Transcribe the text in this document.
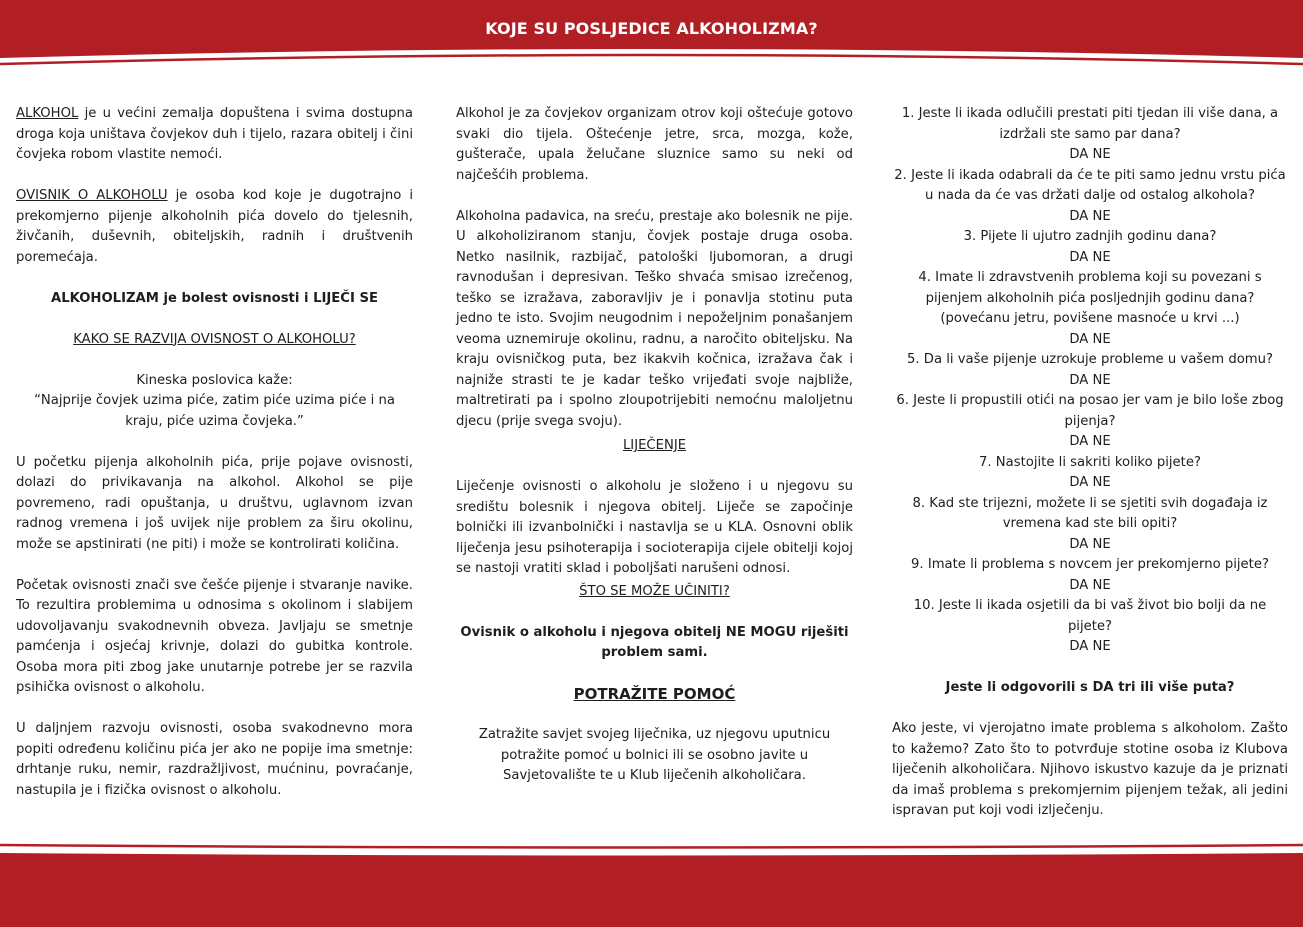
KOJE SU POSLJEDICE ALKOHOLIZMA?

ALKOHOL je u većini zemalja dopuštena i svima dostupna droga koja uništava čovjekov duh i tijelo, razara obitelj i čini čovjeka robom vlastite nemoći.

OVISNIK O ALKOHOLU je osoba kod koje je dugotrajno i prekomjerno pijenje alkoholnih pića dovelo do tjelesnih, živčanih, duševnih, obiteljskih, radnih i društvenih poremećaja.

ALKOHOLIZAM je bolest ovisnosti i LIJEČI SE

KAKO SE RAZVIJA OVISNOST O ALKOHOLU?

Kineska poslovica kaže:

“Najprije čovjek uzima piće, zatim piće uzima piće i na kraju, piće uzima čovjeka.”

U početku pijenja alkoholnih pića, prije pojave ovisnosti, dolazi do privikavanja na alkohol. Alkohol se pije povremeno, radi opuštanja, u društvu, uglavnom izvan radnog vremena i još uvijek nije problem za širu okolinu, može se apstinirati (ne piti) i može se kontrolirati količina.

Početak ovisnosti znači sve češće pijenje i stvaranje navike. To rezultira problemima u odnosima s okolinom i slabijem udovoljavanju svakodnevnih obveza. Javljaju se smetnje pamćenja i osjećaj krivnje, dolazi do gubitka kontrole. Osoba mora piti zbog jake unutarnje potrebe jer se razvila psihička ovisnost o alkoholu.

U daljnjem razvoju ovisnosti, osoba svakodnevno mora popiti određenu količinu pića jer ako ne popije ima smetnje: drhtanje ruku, nemir, razdražljivost, mućninu, povraćanje, nastupila je i fizička ovisnost o alkoholu.

Alkohol je za čovjekov organizam otrov koji oštećuje gotovo svaki dio tijela. Oštećenje jetre, srca, mozga, kože, gušterače, upala želučane sluznice samo su neki od najčešćih problema.

Alkoholna padavica, na sreću, prestaje ako bolesnik ne pije. U alkoholiziranom stanju, čovjek postaje druga osoba. Netko nasilnik, razbijač, patološki ljubomoran, a drugi ravnodušan i depresivan. Teško shvaća smisao izrečenog, teško se izražava, zaboravljiv je i ponavlja stotinu puta jedno te isto. Svojim neugodnim i nepoželjnim ponašanjem veoma uznemiruje okolinu, radnu, a naročito obiteljsku. Na kraju ovisničkog puta, bez ikakvih kočnica, izražava čak i najniže strasti te je kadar teško vrijeđati svoje najbliže, maltretirati pa i spolno zloupotrijebiti nemoćnu maloljetnu djecu (prije svega svoju).

LIJEČENJE

Liječenje ovisnosti o alkoholu je složeno i u njegovu su središtu bolesnik i njegova obitelj. Liječe se započinje bolnički ili izvanbolnički i nastavlja se u KLA. Osnovni oblik liječenja jesu psihoterapija i socioterapija cijele obitelji kojoj se nastoji vratiti sklad i poboljšati narušeni odnosi.

ŠTO SE MOŽE UČINITI?

Ovisnik o alkoholu i njegova obitelj NE MOGU riješiti problem sami.

POTRAŽITE POMOĆ

Zatražite savjet svojeg liječnika, uz njegovu uputnicu potražite pomoć u bolnici ili se osobno javite u Savjetovalište te u Klub liječenih alkoholičara.

1. Jeste li ikada odlučili prestati piti tjedan ili više dana, a izdržali ste samo par dana?

DA NE

2. Jeste li ikada odabrali da će te piti samo jednu vrstu pića u nada da će vas držati dalje od ostalog alkohola?

DA NE

3. Pijete li ujutro zadnjih godinu dana?

DA NE

4. Imate li zdravstvenih problema koji su povezani s pijenjem alkoholnih pića posljednjih godinu dana? (povećanu jetru, povišene masnoće u krvi ...)

DA NE

5. Da li vaše pijenje uzrokuje probleme u vašem domu?

DA NE

6. Jeste li propustili otići na posao jer vam je bilo loše zbog pijenja?

DA NE

7. Nastojite li sakriti koliko pijete?

DA NE

8. Kad ste trijezni, možete li se sjetiti svih događaja iz vremena kad ste bili opiti?

DA NE

9. Imate li problema s novcem jer prekomjerno pijete?

DA NE

10. Jeste li ikada osjetili da bi vaš život bio bolji da ne pijete?

DA NE

Jeste li odgovorili s DA tri ili više puta?

Ako jeste, vi vjerojatno imate problema s alkoholom. Zašto to kažemo? Zato što to potvrđuje stotine osoba iz Klubova liječenih alkoholičara. Njihovo iskustvo kazuje da je priznati da imaš problema s prekomjernim pijenjem težak, ali jedini ispravan put koji vodi izlječenju.
